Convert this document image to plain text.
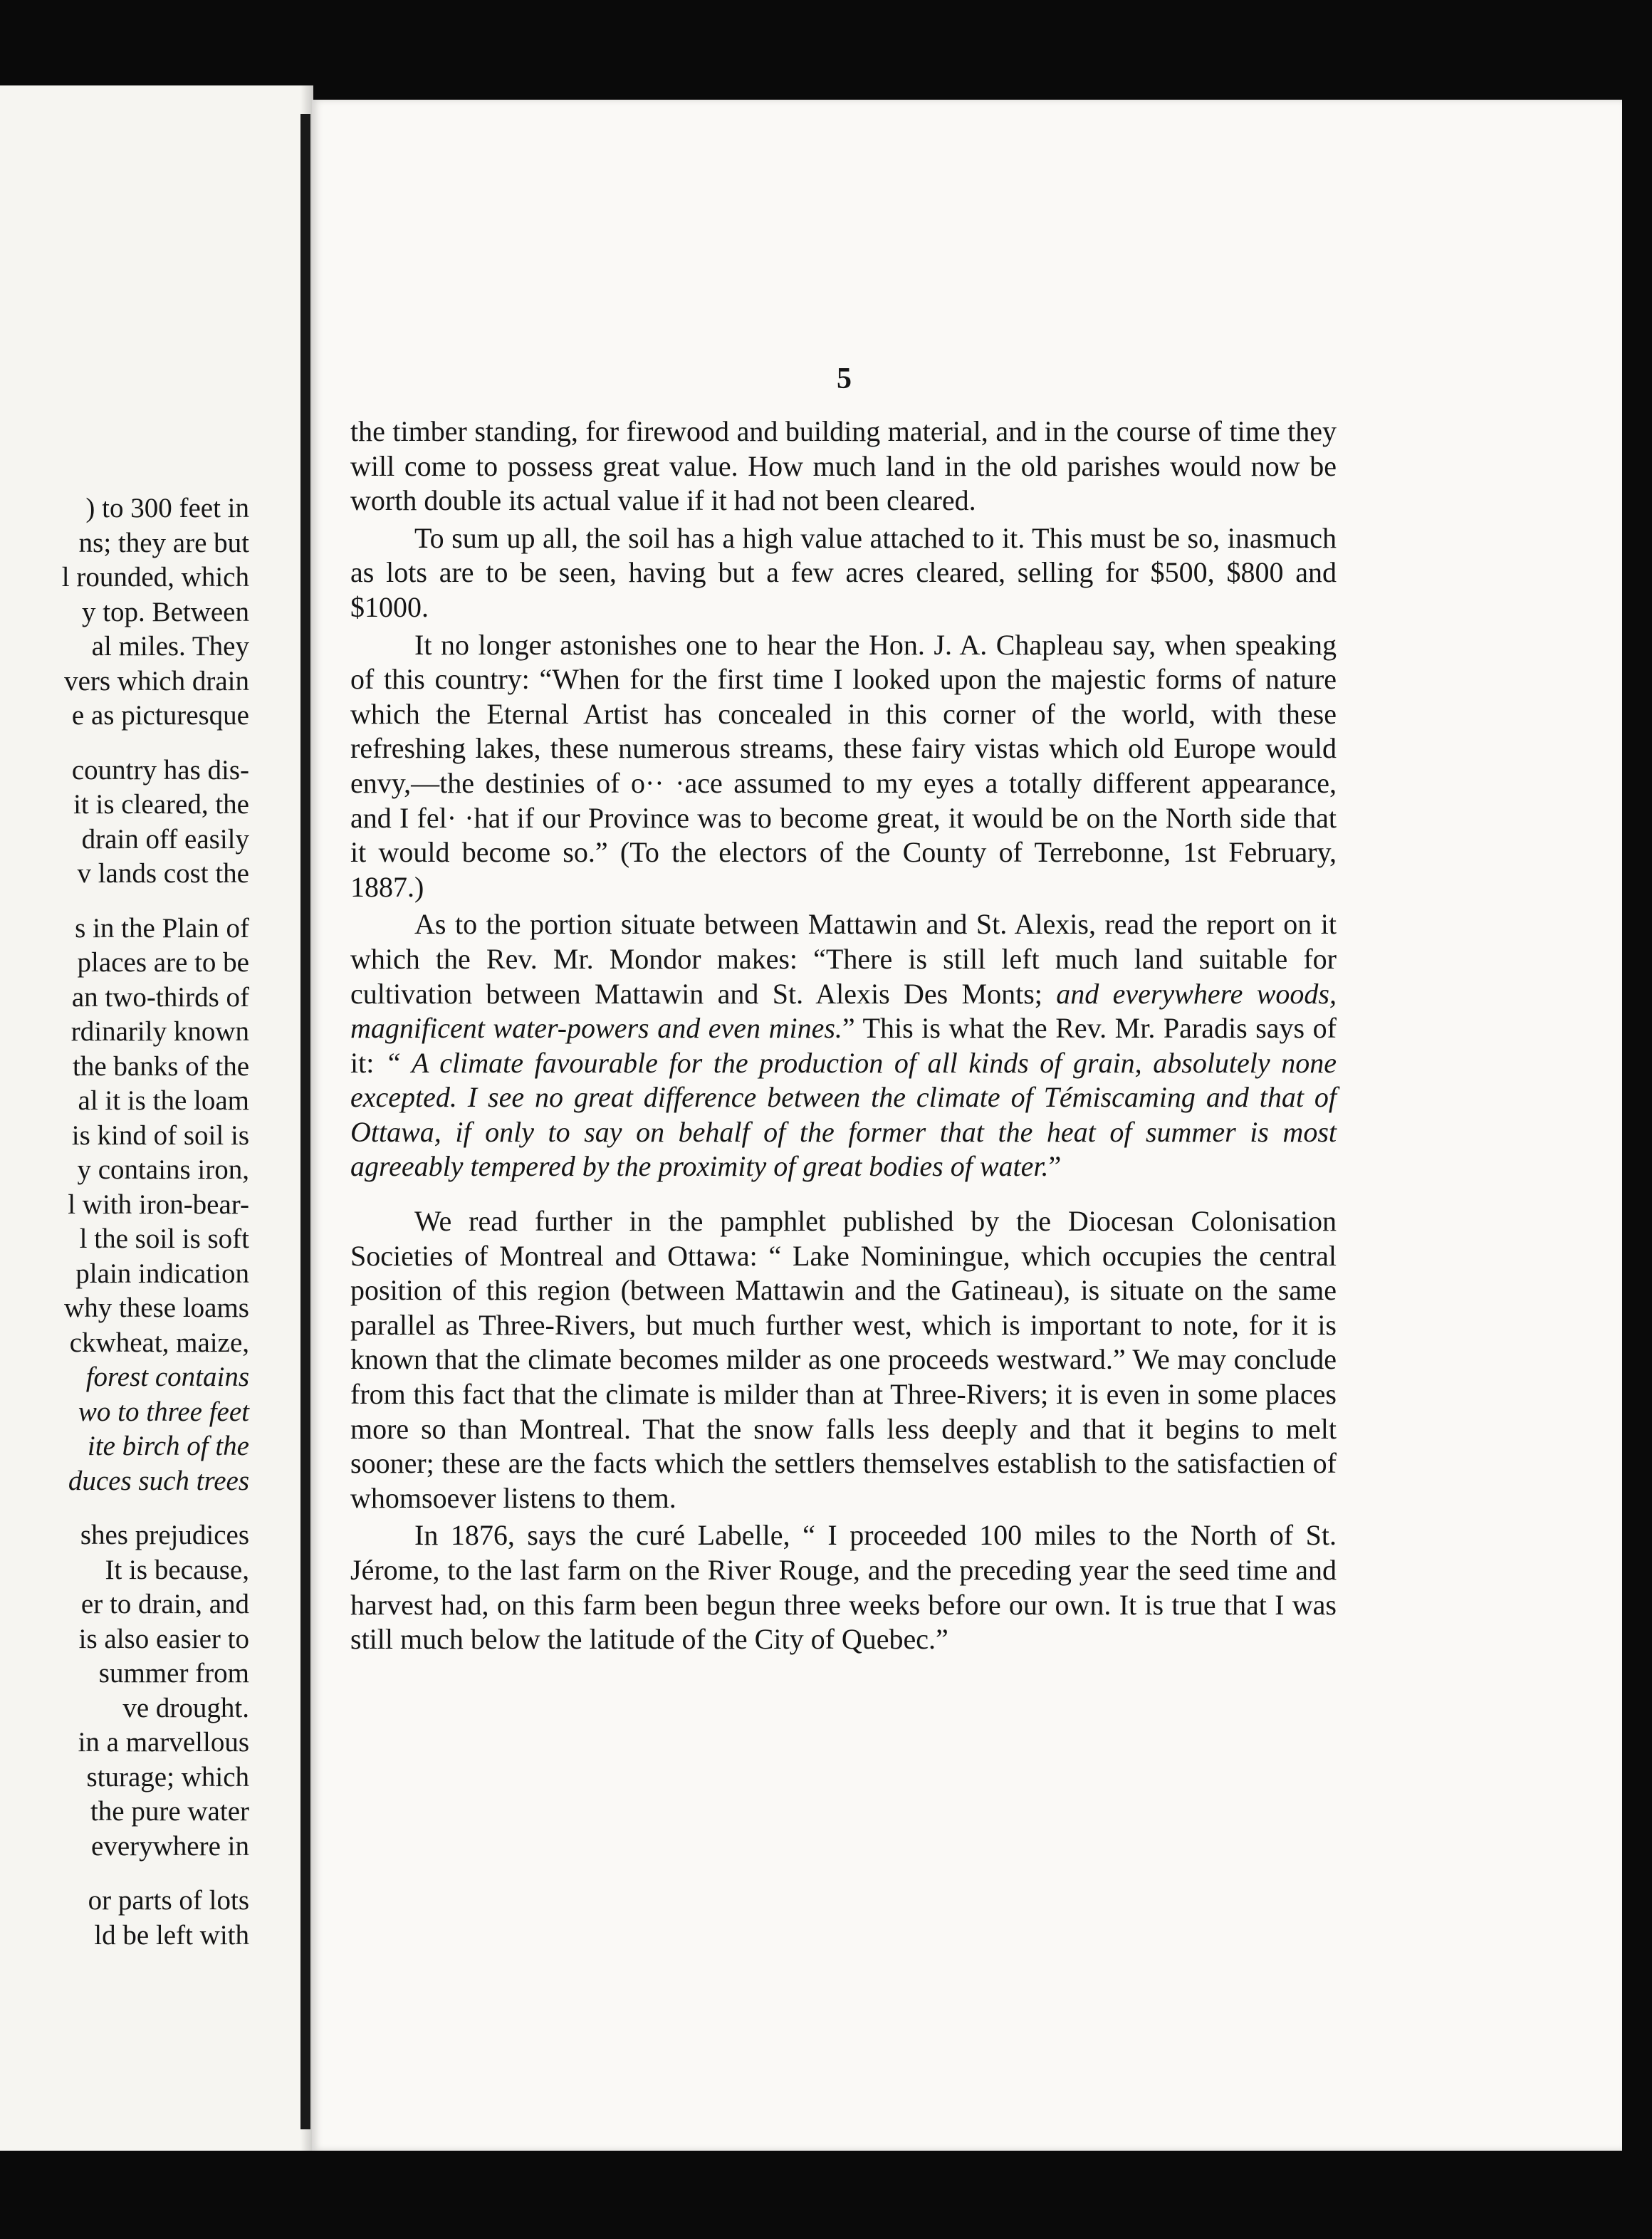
) to 300 feet in
ns; they are but
l rounded, which
y top. Between
al miles. They
vers which drain
e as picturesque
country has dis-
it is cleared, the
drain off easily
v lands cost the
s in the Plain of
places are to be
an two-thirds of
rdinarily known
the banks of the
al it is the loam
is kind of soil is
y contains iron,
l with iron-bear-
l the soil is soft
plain indication
why these loams
ckwheat, maize,
forest contains
wo to three feet
ite birch of the
duces such trees
shes prejudices
It is because,
er to drain, and
is also easier to
summer from
ve drought.
in a marvellous
sturage; which
the pure water
everywhere in
or parts of lots
ld be left with
5

the timber standing, for firewood and building material, and in the course of time they will come to possess great value. How much land in the old parishes would now be worth double its actual value if it had not been cleared.

To sum up all, the soil has a high value attached to it. This must be so, inasmuch as lots are to be seen, having but a few acres cleared, selling for $500, $800 and $1000.

It no longer astonishes one to hear the Hon. J. A. Chapleau say, when speaking of this country: “When for the first time I looked upon the majestic forms of nature which the Eternal Artist has concealed in this corner of the world, with these refreshing lakes, these numerous streams, these fairy vistas which old Europe would envy,—the destinies of o·· ·ace assumed to my eyes a totally different appearance, and I fel· ·hat if our Province was to become great, it would be on the North side that it would become so.” (To the electors of the County of Terrebonne, 1st February, 1887.)

As to the portion situate between Mattawin and St. Alexis, read the report on it which the Rev. Mr. Mondor makes: “There is still left much land suitable for cultivation between Mattawin and St. Alexis Des Monts; and everywhere woods, magnificent water-powers and even mines.” This is what the Rev. Mr. Paradis says of it: “ A climate favourable for the production of all kinds of grain, absolutely none excepted. I see no great difference between the climate of Témiscaming and that of Ottawa, if only to say on behalf of the former that the heat of summer is most agreeably tempered by the proximity of great bodies of water.”

We read further in the pamphlet published by the Diocesan Colonisation Societies of Montreal and Ottawa: “ Lake Nominingue, which occupies the central position of this region (between Mattawin and the Gatineau), is situate on the same parallel as Three-Rivers, but much further west, which is important to note, for it is known that the climate becomes milder as one proceeds westward.” We may conclude from this fact that the climate is milder than at Three-Rivers; it is even in some places more so than Montreal. That the snow falls less deeply and that it begins to melt sooner; these are the facts which the settlers themselves establish to the satisfactien of whomsoever listens to them.

In 1876, says the curé Labelle, “ I proceeded 100 miles to the North of St. Jérome, to the last farm on the River Rouge, and the preceding year the seed time and harvest had, on this farm been begun three weeks before our own. It is true that I was still much below the latitude of the City of Quebec.”
